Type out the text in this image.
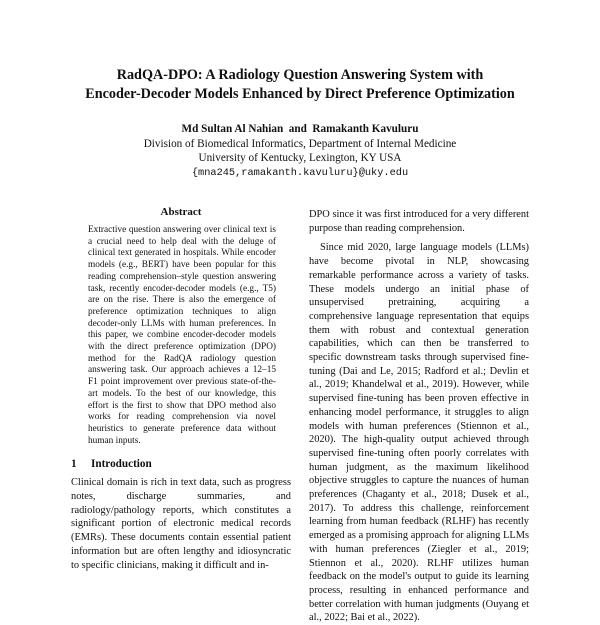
RadQA-DPO: A Radiology Question Answering System with
Encoder-Decoder Models Enhanced by Direct Preference Optimization
Md Sultan Al Nahian  and  Ramakanth Kavuluru
Division of Biomedical Informatics, Department of Internal Medicine
University of Kentucky, Lexington, KY USA
{mna245,ramakanth.kavuluru}@uky.edu
Abstract

Extractive question answering over clinical text is a crucial need to help deal with the deluge of clinical text generated in hospitals. While encoder models (e.g., BERT) have been popular for this reading comprehension–style question answering task, recently encoder-decoder models (e.g., T5) are on the rise. There is also the emergence of preference optimization techniques to align decoder-only LLMs with human preferences. In this paper, we combine encoder-decoder models with the direct preference optimization (DPO) method for the RadQA radiology question answering task. Our approach achieves a 12–15 F1 point improvement over previous state-of-the-art models. To the best of our knowledge, this effort is the first to show that DPO method also works for reading comprehension via novel heuristics to generate preference data without human inputs.

1 Introduction

Clinical domain is rich in text data, such as progress notes, discharge summaries, and radiology/pathology reports, which constitutes a significant portion of electronic medical records (EMRs). These documents contain essential patient information but are often lengthy and idiosyncratic to specific clinicians, making it difficult and in-

DPO since it was first introduced for a very different purpose than reading comprehension.

Since mid 2020, large language models (LLMs) have become pivotal in NLP, showcasing remarkable performance across a variety of tasks. These models undergo an initial phase of unsupervised pretraining, acquiring a comprehensive language representation that equips them with robust and contextual generation capabilities, which can then be transferred to specific downstream tasks through supervised fine-tuning (Dai and Le, 2015; Radford et al.; Devlin et al., 2019; Khandelwal et al., 2019). However, while supervised fine-tuning has been proven effective in enhancing model performance, it struggles to align models with human preferences (Stiennon et al., 2020). The high-quality output achieved through supervised fine-tuning often poorly correlates with human judgment, as the maximum likelihood objective struggles to capture the nuances of human preferences (Chaganty et al., 2018; Dusek et al., 2017). To address this challenge, reinforcement learning from human feedback (RLHF) has recently emerged as a promising approach for aligning LLMs with human preferences (Ziegler et al., 2019; Stiennon et al., 2020). RLHF utilizes human feedback on the model's output to guide its learning process, resulting in enhanced performance and better correlation with human judgments (Ouyang et al., 2022; Bai et al., 2022).
